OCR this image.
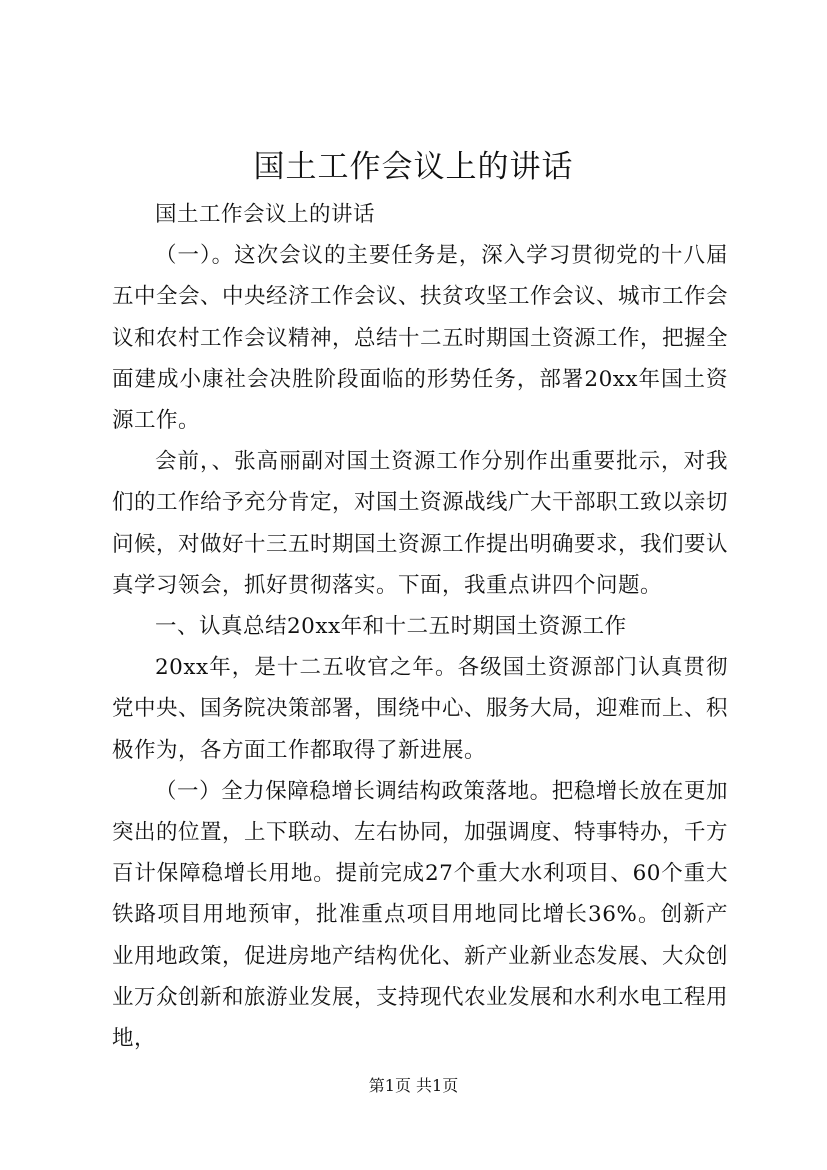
国土工作会议上的讲话

国土工作会议上的讲话

（一）。这次会议的主要任务是，深入学习贯彻党的十八届五中全会、中央经济工作会议、扶贫攻坚工作会议、城市工作会议和农村工作会议精神，总结十二五时期国土资源工作，把握全面建成小康社会决胜阶段面临的形势任务，部署20xx年国土资源工作。

会前，、张高丽副对国土资源工作分别作出重要批示，对我们的工作给予充分肯定，对国土资源战线广大干部职工致以亲切问候，对做好十三五时期国土资源工作提出明确要求，我们要认真学习领会，抓好贯彻落实。下面，我重点讲四个问题。

一、认真总结20xx年和十二五时期国土资源工作

20xx年，是十二五收官之年。各级国土资源部门认真贯彻党中央、国务院决策部署，围绕中心、服务大局，迎难而上、积极作为，各方面工作都取得了新进展。

（一）全力保障稳增长调结构政策落地。把稳增长放在更加突出的位置，上下联动、左右协同，加强调度、特事特办，千方百计保障稳增长用地。提前完成27个重大水利项目、60个重大铁路项目用地预审，批准重点项目用地同比增长36%。创新产业用地政策，促进房地产结构优化、新产业新业态发展、大众创业万众创新和旅游业发展，支持现代农业发展和水利水电工程用地，

第1页 共1页
